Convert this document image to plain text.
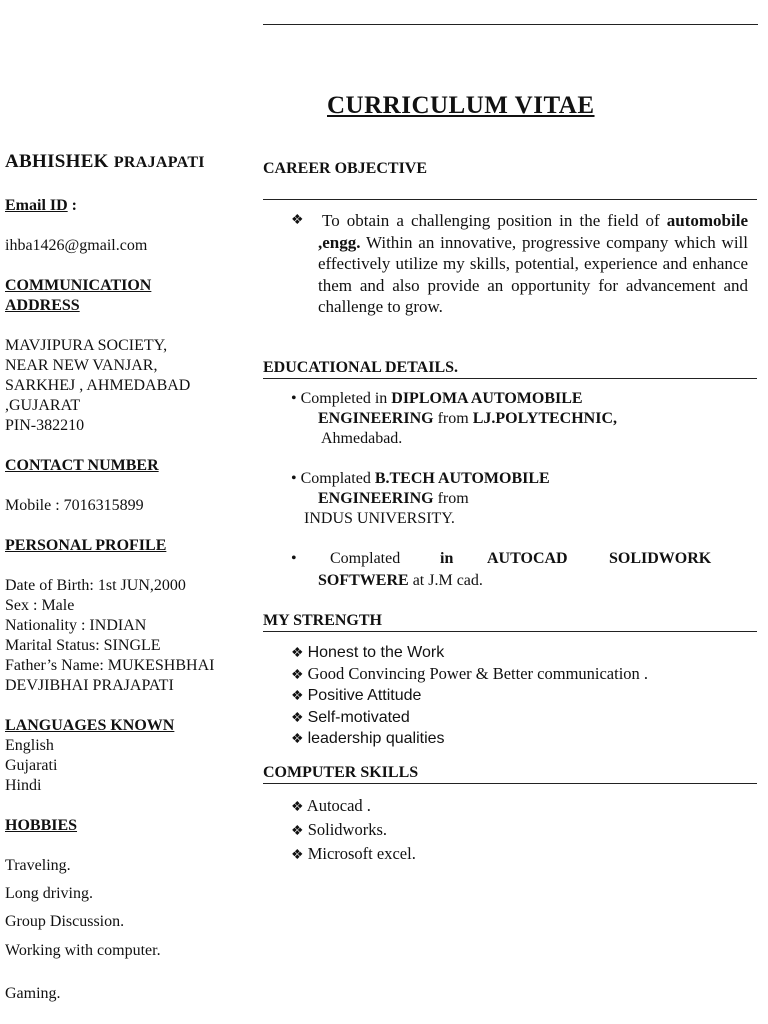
CURRICULUM VITAE
ABHISHEK PRAJAPATI
Email ID :
ihba1426@gmail.com
COMMUNICATION
ADDRESS
MAVJIPURA SOCIETY,
NEAR NEW VANJAR,
SARKHEJ , AHMEDABAD
,GUJARAT
PIN-382210
CONTACT NUMBER
Mobile : 7016315899
PERSONAL PROFILE
Date of Birth: 1st JUN,2000
Sex : Male
Nationality : INDIAN
Marital Status: SINGLE
Father’s Name: MUKESHBHAI
DEVJIBHAI PRAJAPATI
LANGUAGES KNOWN
English
Gujarati
Hindi
HOBBIES
Traveling.
Long driving.
Group Discussion.
Working with computer.
Gaming.
CAREER OBJECTIVE
❖ To obtain a challenging position in the field of automobile ,engg. Within an innovative, progressive company which will effectively utilize my skills, potential, experience and enhance them and also provide an opportunity for advancement and challenge to grow.
EDUCATIONAL DETAILS.
• Completed in DIPLOMA AUTOMOBILE
ENGINEERING from LJ.POLYTECHNIC,
Ahmedabad.
• Complated B.TECH AUTOMOBILE
ENGINEERING from
INDUS UNIVERSITY.
• Complated in AUTOCAD	SOLIDWORK
SOFTWERE at J.M cad.
MY STRENGTH
❖ Honest to the Work
❖ Good Convincing Power & Better communication .
❖ Positive Attitude
❖ Self-motivated
❖ leadership qualities
COMPUTER SKILLS
❖ Autocad .
❖ Solidworks.
❖ Microsoft excel.
